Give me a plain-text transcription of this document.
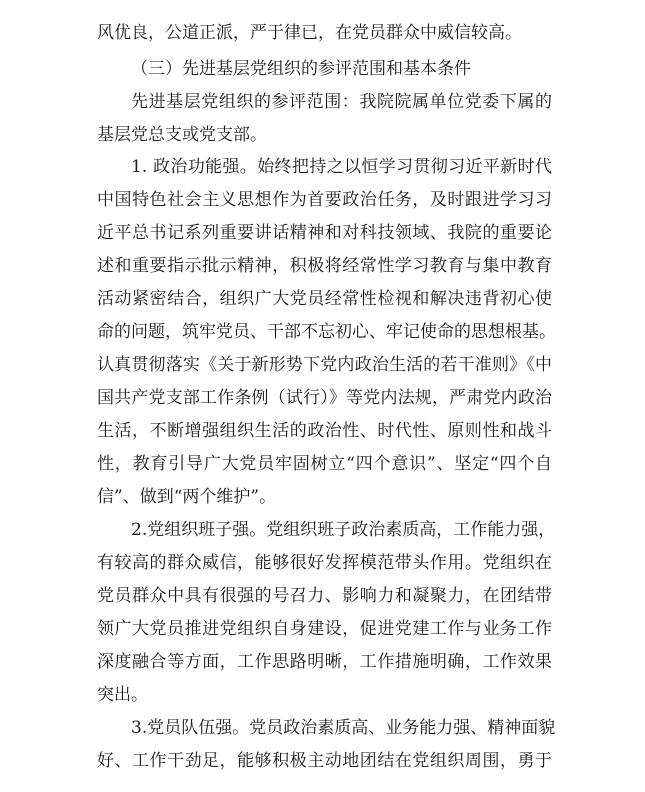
风优良，公道正派，严于律已，在党员群众中威信较高。
（三）先进基层党组织的参评范围和基本条件
先进基层党组织的参评范围：我院院属单位党委下属的
基层党总支或党支部。
1. 政治功能强。始终把持之以恒学习贯彻习近平新时代
中国特色社会主义思想作为首要政治任务，及时跟进学习习
近平总书记系列重要讲话精神和对科技领域、我院的重要论
述和重要指示批示精神，积极将经常性学习教育与集中教育
活动紧密结合，组织广大党员经常性检视和解决违背初心使
命的问题，筑牢党员、干部不忘初心、牢记使命的思想根基。
认真贯彻落实《关于新形势下党内政治生活的若干准则》《中
国共产党支部工作条例（试行）》等党内法规，严肃党内政治
生活，不断增强组织生活的政治性、时代性、原则性和战斗
性，教育引导广大党员牢固树立“四个意识”、坚定“四个自
信”、做到“两个维护”。
2.党组织班子强。党组织班子政治素质高，工作能力强，
有较高的群众威信，能够很好发挥模范带头作用。党组织在
党员群众中具有很强的号召力、影响力和凝聚力，在团结带
领广大党员推进党组织自身建设，促进党建工作与业务工作
深度融合等方面，工作思路明晰，工作措施明确，工作效果
突出。
3.党员队伍强。党员政治素质高、业务能力强、精神面貌
好、工作干劲足，能够积极主动地团结在党组织周围，勇于
